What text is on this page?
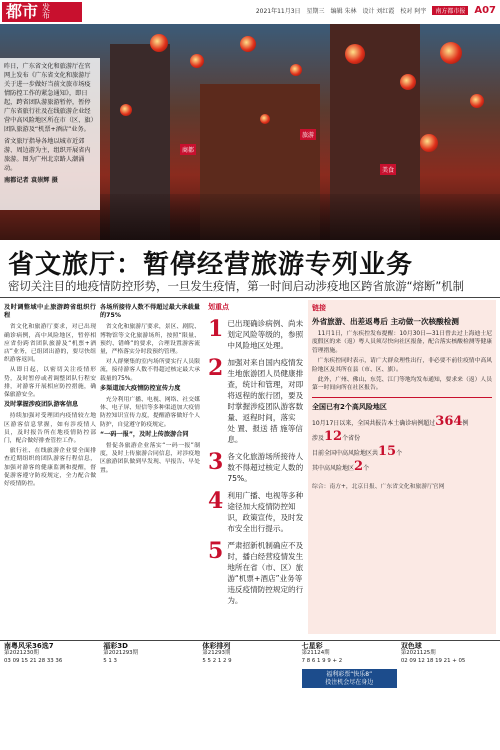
都市 发布	2021年11月3日 星期三 编辑 朱林 设计 刘红霞 校对 阿宇	南方都市报 A07
商都
旅游
美食

昨日，广东省文化和旅游厅在官网上发布《广东省文化和旅游厅关于进一步做好当前文旅市场疫情防控工作的紧急通知》，即日起，跨省团队游旅游暂停，暂停广东省旅行社及在线旅游企业经营中高风险地区所在市（区、旗）团队旅游及“机票+酒店”业务。

省文旅厅指导各地以城市近郊游、周边游为主，组织开展省内旅游。图为广州北京路人潮涌动。

南都记者 袁崇辉 摄

省文旅厅：暂停经营旅游专列业务
密切关注目的地疫情防控形势，一旦发生疫情，第一时间启动涉疫地区跨省旅游“熔断”机制
及时调整域中止旅游跨省组织行程

省文化和旅游厅要求，对已出现确诊病例，高中风险地区，暂停相应省份跨省团队旅游及“机票+酒店”业务，已组团出游的，要尽快组织游客返回。

从即日起，以密切关注疫情形势，及时暂停或者调整团队行程安排，对游客开展相应防控措施，确保旅游安全。

及时掌握涉疫团队游客信息

持续加强对受理团内疫情较左地区游客信息掌握，如有涉疫情人员，及时报告所在地疫情防控部门，配合做好排查管控工作。

旅行社、在线旅游企业要全面排查近期组织的团队游客行程信息，加强对游客的健康监测和提醒，督促游客遵守防疫规定，全力配合做好疫情防控。

各场所接待人数不得超过最大承载量的75%

省文化和旅游厅要求，景区、剧院、博物馆等文化旅游场所，按照“限量、预约、错峰”的要求，合理设置游客流量，严格落实分时段预约管理。

对人群聚集的室内场所要实行人员限流，接待游客人数不得超过核定最大承载量的75%。

多渠道加大疫情防控宣传力度

充分利用广播、电视、网络、社交媒体、电子屏、短信等多种渠道加大疫情防控知识宣传力度，提醒游客做好个人防护，自觉遵守防疫规定。

“一码一报”，及时上传旅游合同

督促各旅游企业落实“一码一报”制度，及时上传旅游合同信息，对涉疫地区旅游团队做到早发现、早报告、早处置。

划重点
1 已出现确诊病例、尚未划定风险等级的，参照中风险地区处理。
2 加强对来自国内疫情发生地旅游团人员健康排查，统计和管理，对即将返程的旅行团，要及时掌握涉疫团队游客数量、返程时间，落实 处 置、报送 措 施等信息。
3 各文化旅游场所接待人数不得超过核定人数的75%。
4 利用广播、电视等多种途径加大疫情防控知识，政策宣传，及时发布安全出行提示。
5 严肃招新机制确应不及时，播白经营疫情发生地所在省（市、区）旅游“机票+酒店”业务等违反疫情防控规定的行为。
链接
外省旅游、出差返粤后 主动做一次核酸检测

11月1日，广东疾控发布提醒：10月30日—31日曾去过上海迪士尼度假区的来（返）粤人员须尽快向社区报备，配合落实核酸检测等健康管理措施。

广东疾控同时表示，请广大群众理性出行，非必要不前往疫情中高风险地区及其所在县（市、区、旗）。

此外，广州、佛山、东莞、江门等地均发布通知，要求来（返）人员第一时间向所在社区报告。

全国已有2个高风险地区
10月17日以来，全国共报告本土确诊病例超过364例
涉及12个省份
目前全国中高风险地区共15个
其中高风险地区2个
综合：南方+，北京日报、广东省文化和旅游厅官网
南粤风采36选7
第2021230期
03 09 15 21 28 33 36
福彩3D
第2021293期
5 1 3
体彩排列
第21293期
5 5 2 1 2 9
七星彩
第21124期
7 8 6 1 9 9 + 2
福利彩票“快乐8”
投注机会尽在身边
双色球
第2021125期
02 09 12 18 19 21 + 05
